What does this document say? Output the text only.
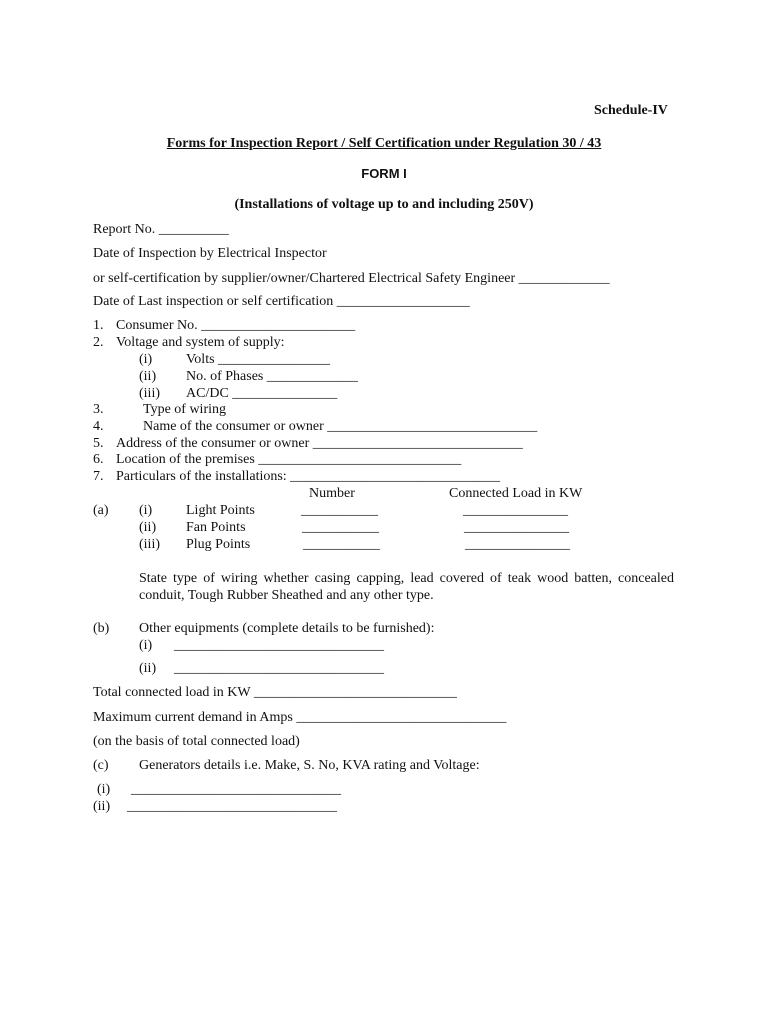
Schedule-IV
Forms for Inspection Report / Self Certification under Regulation 30 / 43
FORM I
(Installations of voltage up to and including 250V)
Report No. __________
Date of Inspection by Electrical Inspector
or self-certification by supplier/owner/Chartered Electrical Safety Engineer _____________
Date of Last inspection or self certification ___________________
1. Consumer No. ______________________
2. Voltage and system of supply:
(i) Volts ________________
(ii) No. of Phases _____________
(iii) AC/DC _______________
3.	Type of wiring
4.	Name of the consumer or owner ______________________________
5. Address of the consumer or owner ______________________________
6. Location of the premises _____________________________
7. Particulars of the installations: ______________________________
Number	Connected Load in KW
(a) (i) Light Points	___________	_______________
(ii) Fan Points	___________	_______________
(iii) Plug Points	___________	_______________
State type of wiring whether casing capping, lead covered of teak wood batten, concealed conduit, Tough Rubber Sheathed and any other type.
(b) Other equipments (complete details to be furnished):
(i) ______________________________
(ii) ______________________________
Total connected load in KW _____________________________
Maximum current demand in Amps ______________________________
(on the basis of total connected load)
(c) Generators details i.e. Make, S. No, KVA rating and Voltage:
(i) ______________________________
(ii) ______________________________
